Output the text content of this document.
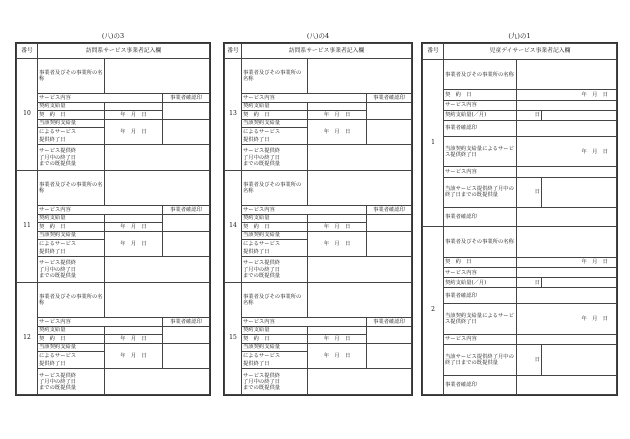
(八)の3
番号	訪問系サービス事業者記入欄		
10	事業者及びその事業所の名称		
	サービス内容		事業者確認印
	契約支給量		
	契　約　日	年　月　日	
	当該契約支給量	年　月　日	
	によるサービス		
	提供終了日		
	サービス提供終
了月中の終了日
までの既提供量		
11	事業者及びその事業所の名称		
	サービス内容		事業者確認印
	契約支給量		
	契　約　日	年　月　日	
	当該契約支給量	年　月　日	
	によるサービス		
	提供終了日		
	サービス提供終
了月中の終了日
までの既提供量		
12	事業者及びその事業所の名称		
	サービス内容		事業者確認印
	契約支給量		
	契　約　日	年　月　日	
	当該契約支給量	年　月　日	
	によるサービス		
	提供終了日		
	サービス提供終
了月中の終了日
までの既提供量		
(八)の4
番号	訪問系サービス事業者記入欄		
13	事業者及びその事業所の名称		
	サービス内容		事業者確認印
	契約支給量		
	契　約　日	年　月　日	
	当該契約支給量	年　月　日	
	によるサービス		
	提供終了日		
	サービス提供終
了月中の終了日
までの既提供量		
14	事業者及びその事業所の名称		
	サービス内容		事業者確認印
	契約支給量		
	契　約　日	年　月　日	
	当該契約支給量	年　月　日	
	によるサービス		
	提供終了日		
	サービス提供終
了月中の終了日
までの既提供量		
15	事業者及びその事業所の名称		
	サービス内容		事業者確認印
	契約支給量		
	契　約　日	年　月　日	
	当該契約支給量	年　月　日	
	によるサービス		
	提供終了日		
	サービス提供終
了月中の終了日
までの既提供量		
(九)の1
番号	児童デイサービス事業者記入欄		
1	事業者及びその事業所の名称		
	契　約　日	年　月　日	
	サービス内容		
	契約支給量(／月)	日	
	事業者確認印		
	当該契約支給量によるサービス提供終了日	年　月　日	
	サービス内容		
	当該サービス提供終了月中の終了日までの既提供量	日	
	事業者確認印		
2	事業者及びその事業所の名称		
	契　約　日	年　月　日	
	サービス内容		
	契約支給量(／月)	日	
	事業者確認印		
	当該契約支給量によるサービス提供終了日	年　月　日	
	サービス内容		
	当該サービス提供終了月中の終了日までの既提供量	日	
	事業者確認印		
